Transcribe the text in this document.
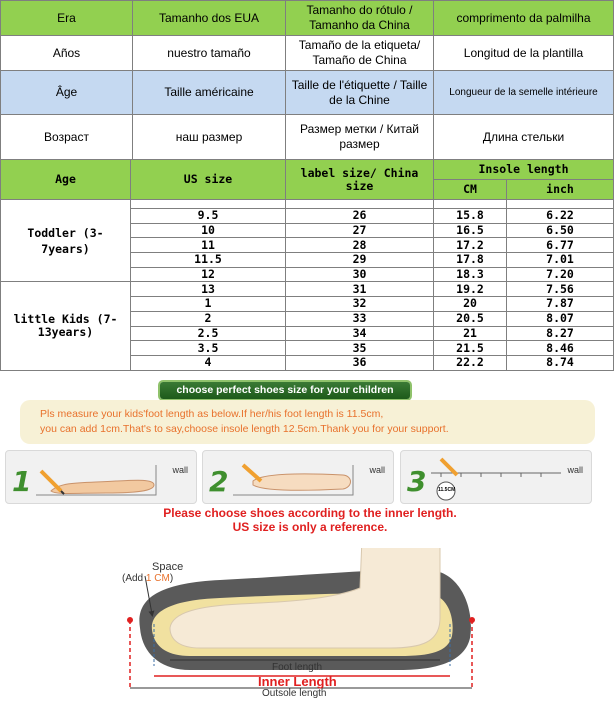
Era	Tamanho dos EUA	Tamanho do rótulo / Tamanho da China	comprimento da palmilha
Años	nuestro tamaño	Tamaño de la etiqueta/ Tamaño de China	Longitud de la plantilla
Âge	Taille américaine	Taille de l'étiquette / Taille de la Chine	Longueur de la semelle intérieure
Возраст	наш размер	Размер метки / Китай размер	Длина стельки
Age	US size	label size/ China size	Insole length	
			CM	inch
Toddler (3-7years)				
	9.5	26	15.8	6.22
	10	27	16.5	6.50
	11	28	17.2	6.77
	11.5	29	17.8	7.01
	12	30	18.3	7.20
little Kids (7-13years)	13	31	19.2	7.56
	1	32	20	7.87
	2	33	20.5	8.07
	2.5	34	21	8.27
	3.5	35	21.5	8.46
	4	36	22.2	8.74
choose perfect shoes size for your children
Pls measure your kids'foot length as below.If her/his foot length is 11.5cm,
you can add 1cm.That's to say,choose insole length 12.5cm.Thank you for your support.
1	wall 2	wall 3	wall
11.5CM
Please choose shoes according to the inner length.
US size is only a reference.
Space
(Add 1 CM)
Foot length
Inner Length
Outsole length
